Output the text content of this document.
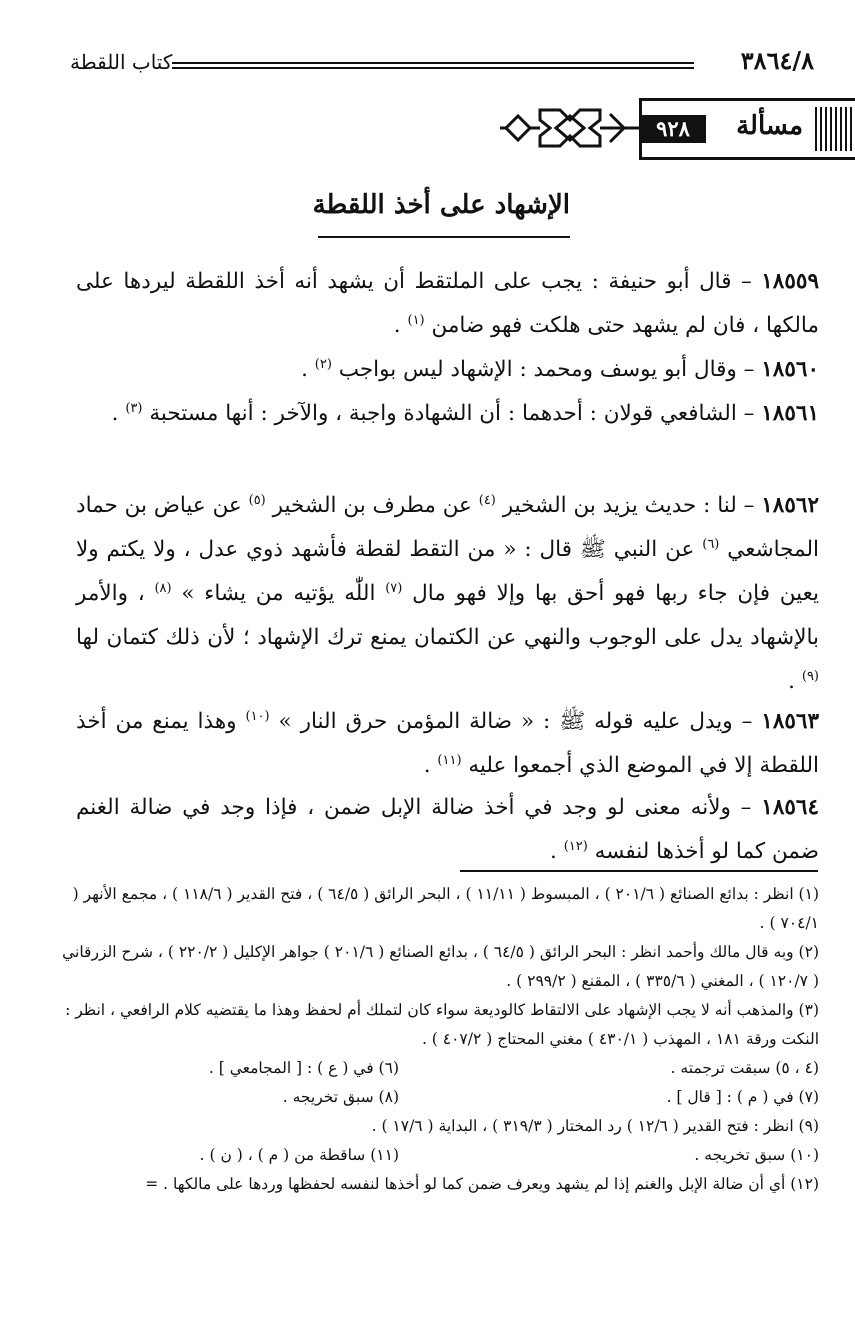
٣٨٦٤/٨
كتاب اللقطة
مسألة
٩٢٨
الإشهاد على أخذ اللقطة

١٨٥٥٩ – قال أبو حنيفة : يجب على الملتقط أن يشهد أنه أخذ اللقطة ليردها على مالكها ، فان لم يشهد حتى هلكت فهو ضامن $^{(١)}$ .

١٨٥٦٠ – وقال أبو يوسف ومحمد : الإشهاد ليس بواجب $^{(٢)}$ .

١٨٥٦١ – الشافعي قولان : أحدهما : أن الشهادة واجبة ، والآخر : أنها مستحبة $^{(٣)}$ .

١٨٥٦٢ – لنا : حديث يزيد بن الشخير $^{(٤)}$ عن مطرف بن الشخير $^{(٥)}$ عن عياض بن حماد المجاشعي $^{(٦)}$ عن النبي ﷺ قال : « من التقط لقطة فأشهد ذوي عدل ، ولا يكتم ولا يعين فإن جاء ربها فهو أحق بها وإلا فهو مال $^{(٧)}$ اللّٰه يؤتيه من يشاء » $^{(٨)}$ ، والأمر بالإشهاد يدل على الوجوب والنهي عن الكتمان يمنع ترك الإشهاد ؛ لأن ذلك كتمان لها $^{(٩)}$ .

١٨٥٦٣ – ويدل عليه قوله ﷺ : « ضالة المؤمن حرق النار » $^{(١٠)}$ وهذا يمنع من أخذ اللقطة إلا في الموضع الذي أجمعوا عليه $^{(١١)}$ .

١٨٥٦٤ – ولأنه معنى لو وجد في أخذ ضالة الإبل ضمن ، فإذا وجد في ضالة الغنم ضمن كما لو أخذها لنفسه $^{(١٢)}$ .

(١) انظر : بدائع الصنائع ( ٢٠١/٦ ) ، المبسوط ( ١١/١١ ) ، البحر الرائق ( ٦٤/٥ ) ، فتح القدير ( ١١٨/٦ ) ، مجمع الأنهر ( ٧٠٤/١ ) .

(٢) وبه قال مالك وأحمد انظر : البحر الرائق ( ٦٤/٥ ) ، بدائع الصنائع ( ٢٠١/٦ ) جواهر الإكليل ( ٢٢٠/٢ ) ، شرح الزرقاني ( ١٢٠/٧ ) ، المغني ( ٣٣٥/٦ ) ، المقنع ( ٢٩٩/٢ ) .

(٣) والمذهب أنه لا يجب الإشهاد على الالتقاط كالوديعة سواء كان لتملك أم لحفظ وهذا ما يقتضيه كلام الرافعي ، انظر : النكت ورقة ١٨١ ، المهذب ( ٤٣٠/١ ) مغني المحتاج ( ٤٠٧/٢ ) .

(٤ ، ٥) سبقت ترجمته .
(٦) في ( ع ) : [ المجامعي ] .
(٧) في ( م ) : [ قال ] .
(٨) سبق تخريجه .

(٩) انظر : فتح القدير ( ١٢/٦ ) رد المختار ( ٣١٩/٣ ) ، البداية ( ١٧/٦ ) .

(١٠) سبق تخريجه .
(١١) ساقطة من ( م ) ، ( ن ) .

(١٢) أي أن ضالة الإبل والغنم إذا لم يشهد ويعرف ضمن كما لو أخذها لنفسه لحفظها وردها على مالكها . =
